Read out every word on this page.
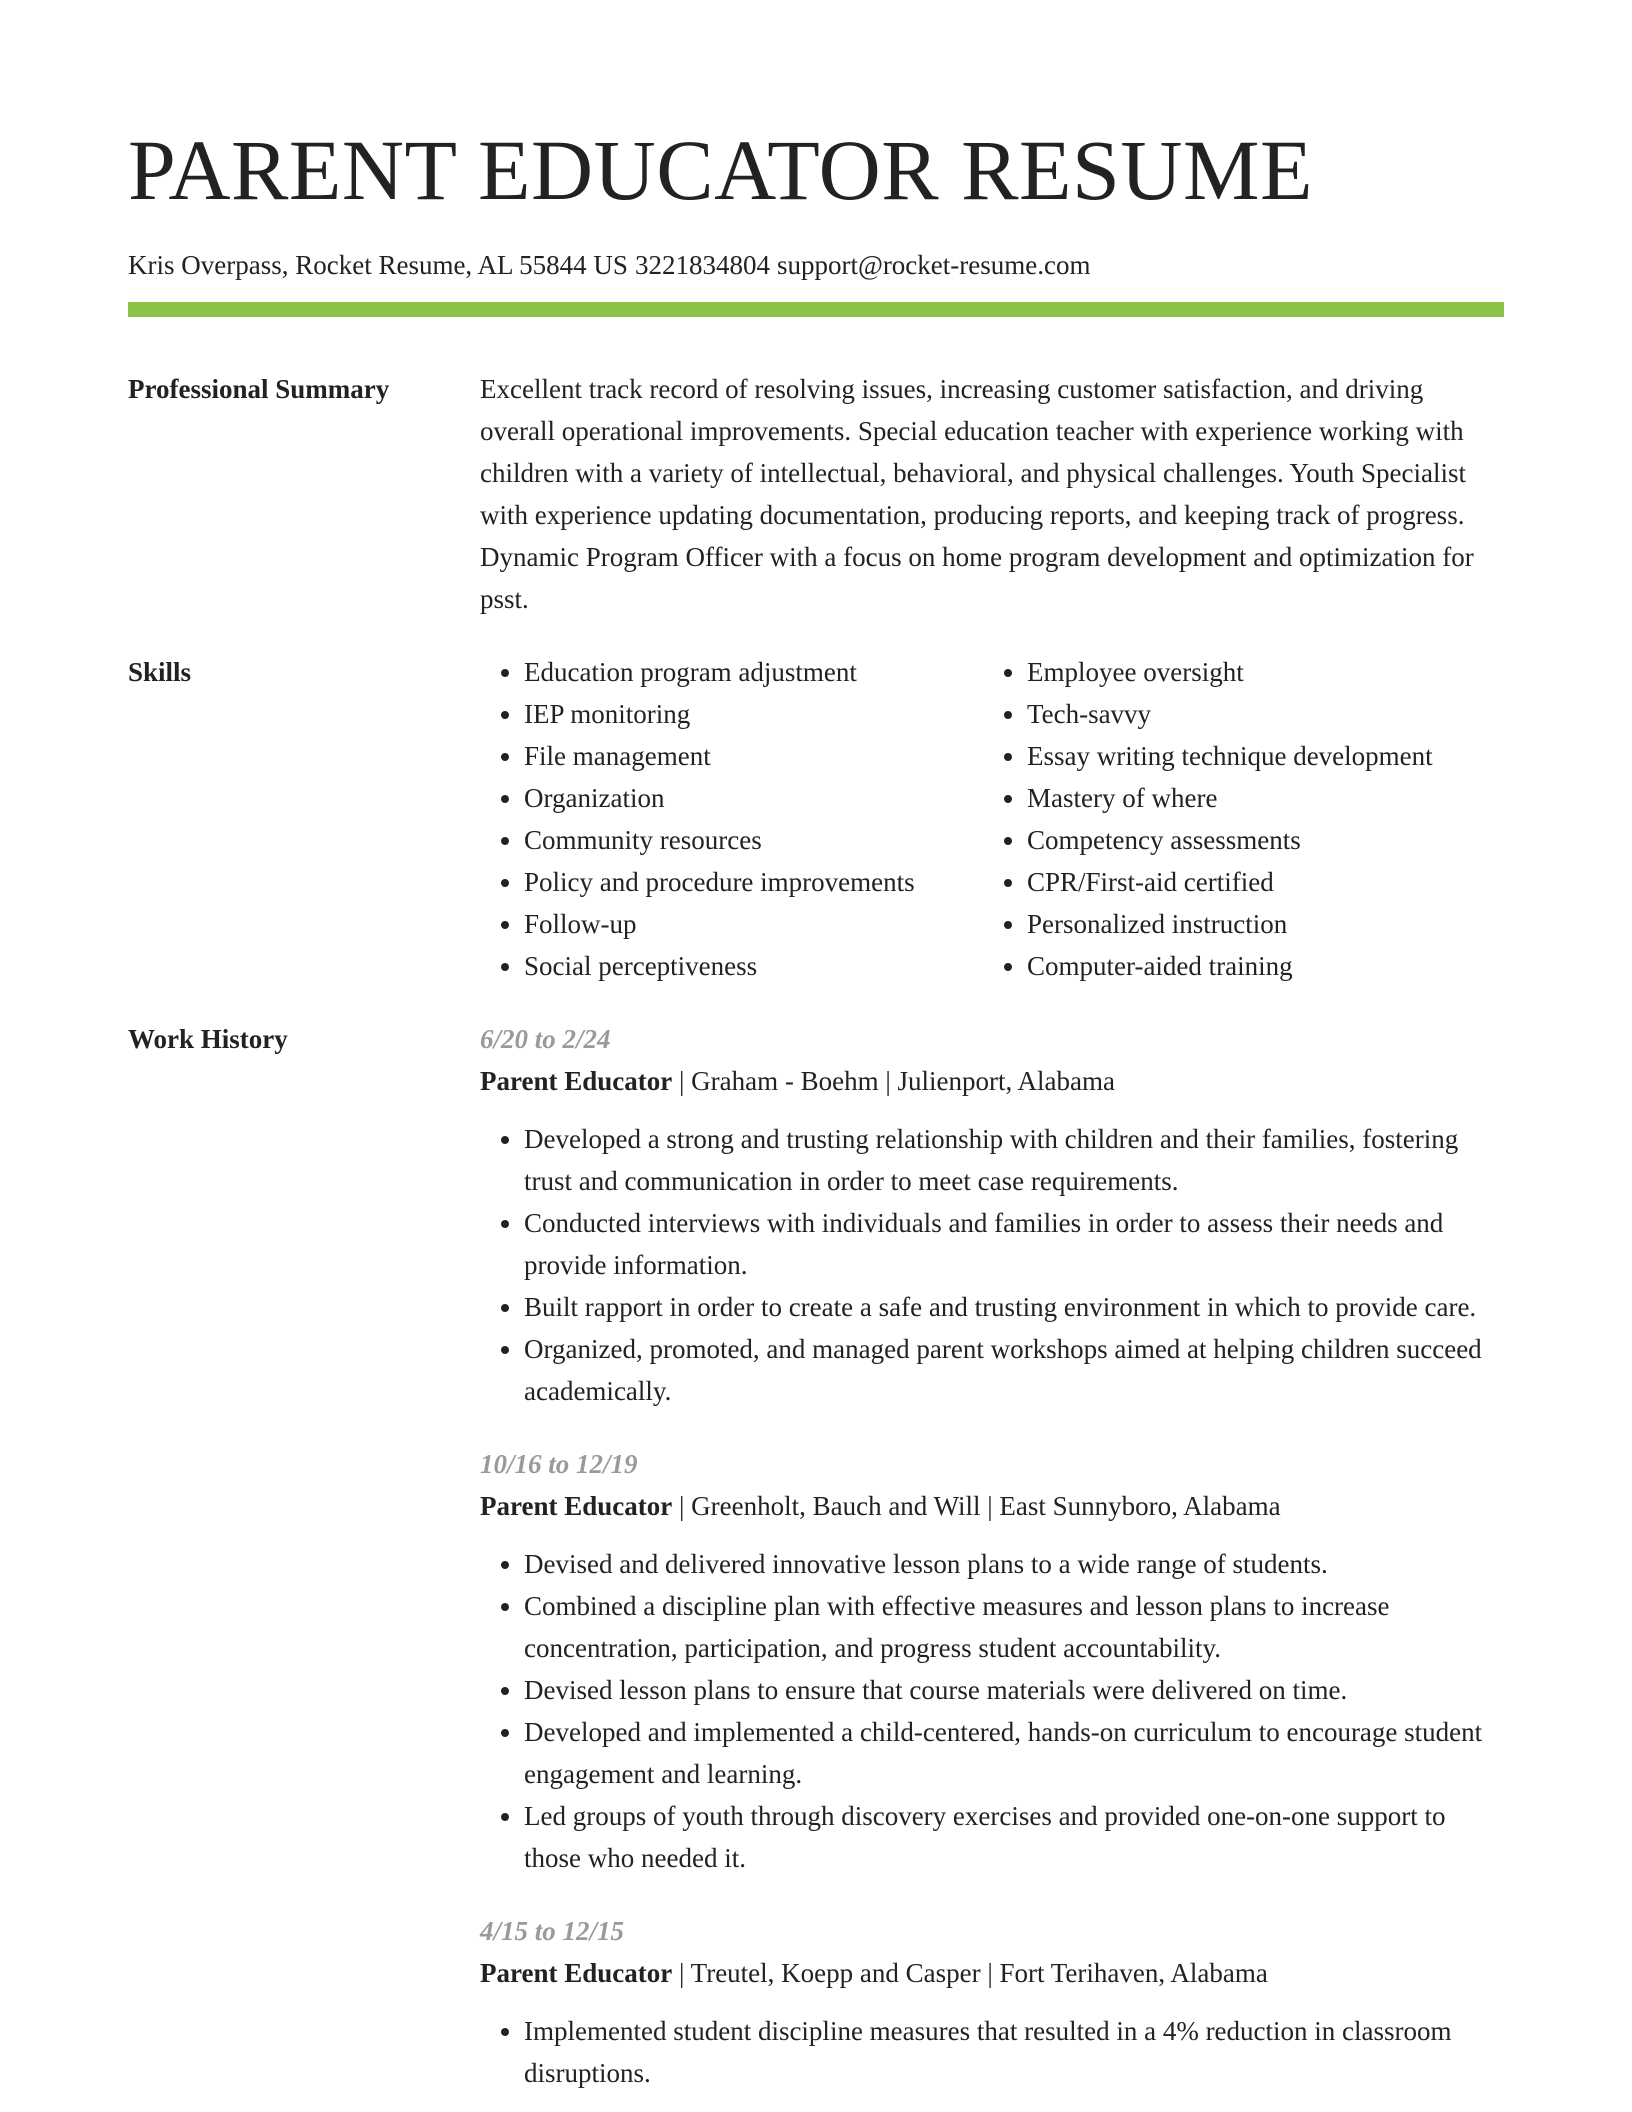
PARENT EDUCATOR RESUME
Kris Overpass, Rocket Resume, AL 55844 US 3221834804 support@rocket-resume.com
Professional Summary	Excellent track record of resolving issues, increasing customer satisfaction, and driving overall operational improvements. Special education teacher with experience working with children with a variety of intellectual, behavioral, and physical challenges. Youth Specialist with experience updating documentation, producing reports, and keeping track of progress. Dynamic Program Officer with a focus on home program development and optimization for psst.
Skills
•	Education program adjustment
• IEP monitoring
• File management
• Organization
• Community resources
• Policy and procedure improvements
• Follow-up
• Social perceptiveness
• Employee oversight
• Tech-savvy
• Essay writing technique development
• Mastery of where
• Competency assessments
• CPR/First-aid certified
• Personalized instruction
• Computer-aided training
Work History	6/20 to 2/24
Parent Educator | Graham - Boehm | Julienport, Alabama
• Developed a strong and trusting relationship with children and their families, fostering trust and communication in order to meet case requirements.
• Conducted interviews with individuals and families in order to assess their needs and provide information.
• Built rapport in order to create a safe and trusting environment in which to provide care.
• Organized, promoted, and managed parent workshops aimed at helping children succeed academically.
10/16 to 12/19
Parent Educator | Greenholt, Bauch and Will | East Sunnyboro, Alabama
• Devised and delivered innovative lesson plans to a wide range of students.
• Combined a discipline plan with effective measures and lesson plans to increase concentration, participation, and progress student accountability.
• Devised lesson plans to ensure that course materials were delivered on time.
• Developed and implemented a child-centered, hands-on curriculum to encourage student engagement and learning.
• Led groups of youth through discovery exercises and provided one-on-one support to those who needed it.
4/15 to 12/15
Parent Educator | Treutel, Koepp and Casper | Fort Terihaven, Alabama
• Implemented student discipline measures that resulted in a 4% reduction in classroom disruptions.
